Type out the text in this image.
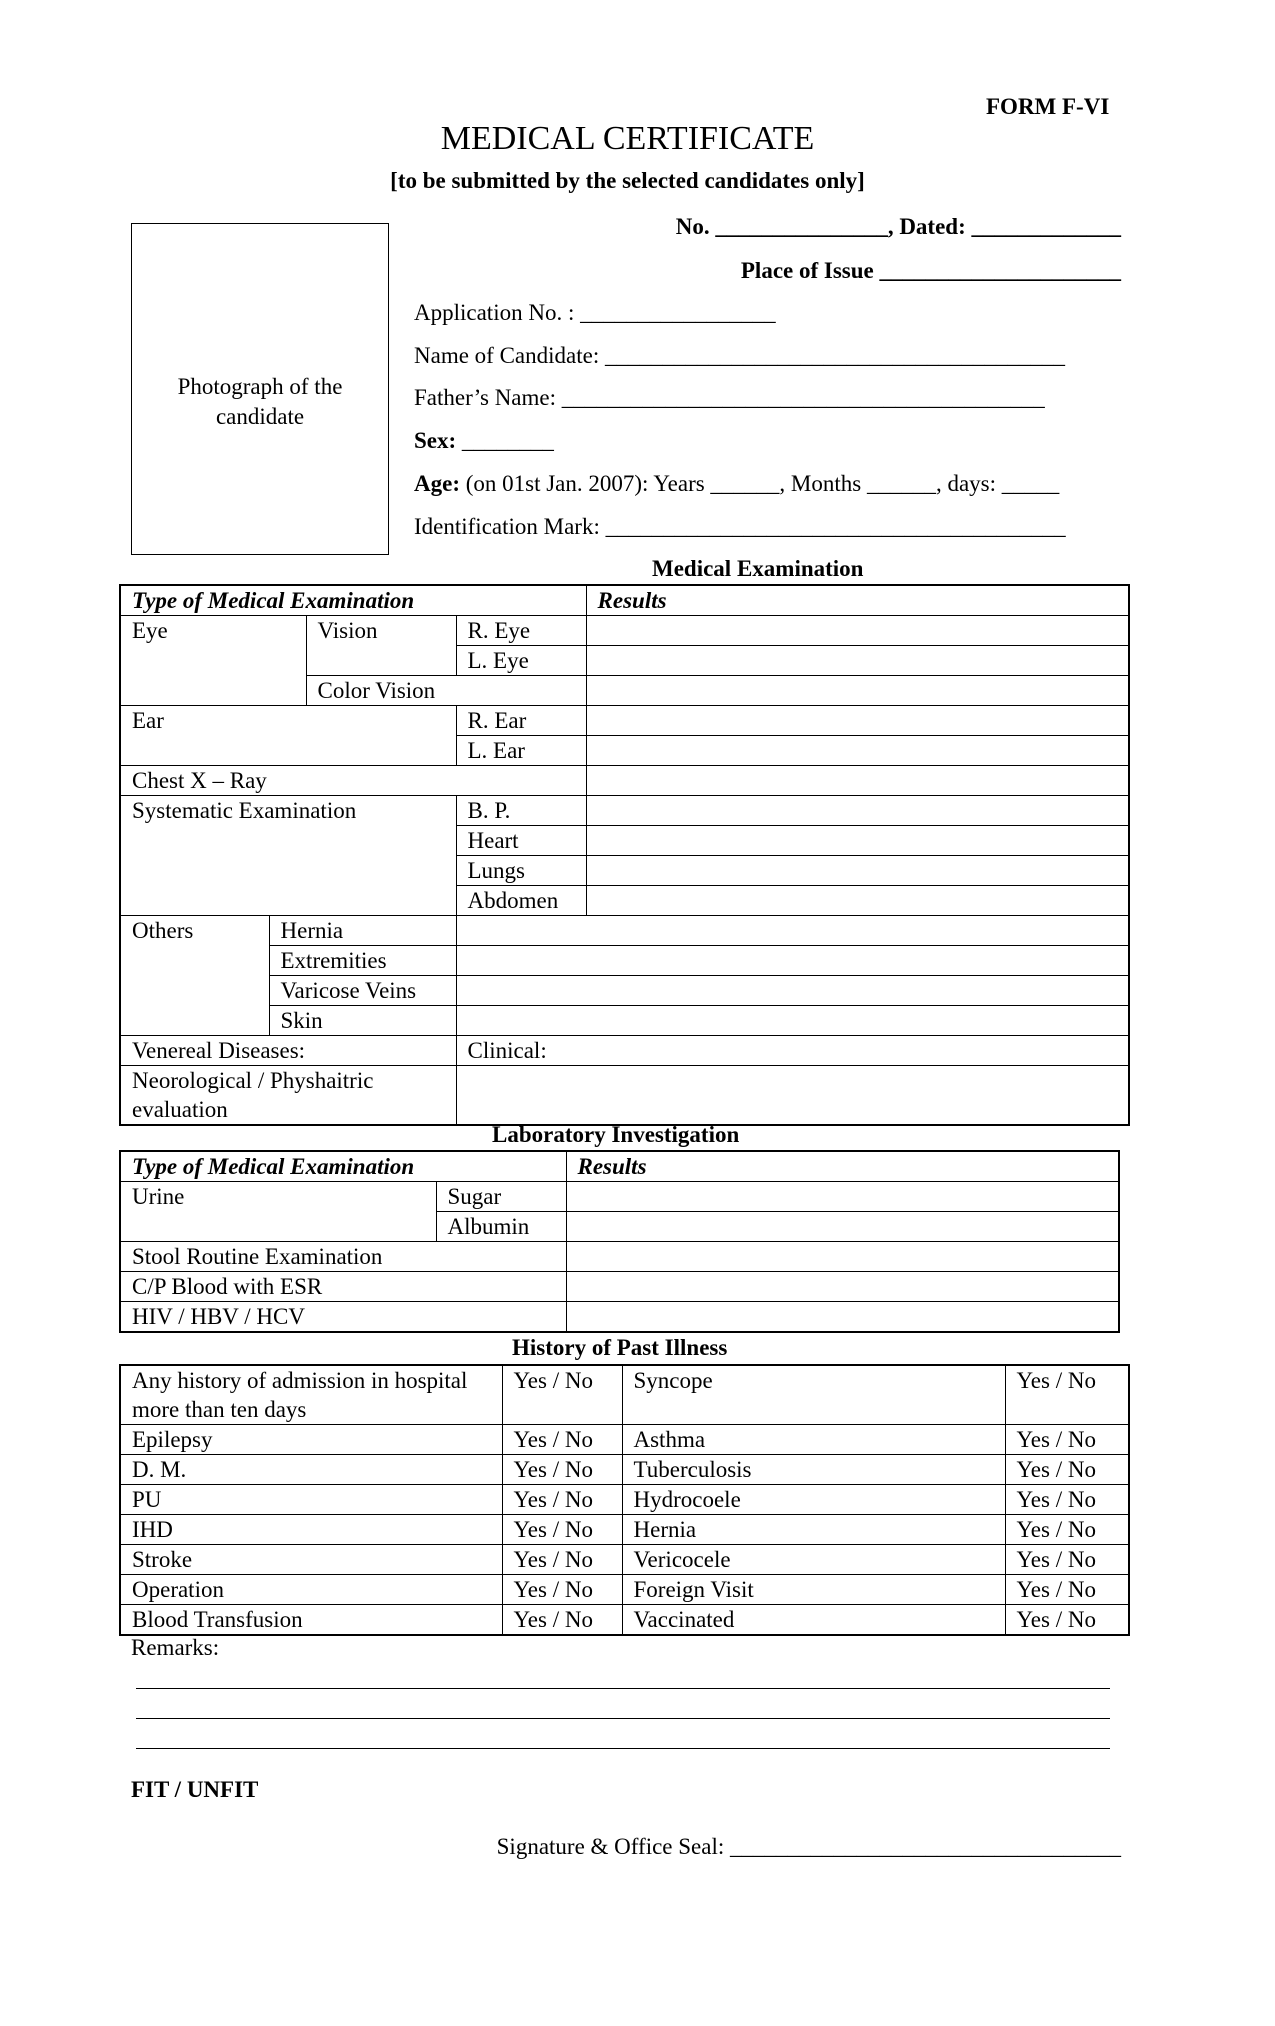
FORM F-VI
MEDICAL CERTIFICATE
[to be submitted by the selected candidates only]
No. _______________, Dated: _____________
Place of Issue _____________________
Photograph of the candidate
Application No. : _________________
Name of Candidate: ________________________________________
Father’s Name: __________________________________________
Sex: ________
Age: (on 01st Jan. 2007): Years ______, Months ______, days: _____
Identification Mark: ________________________________________
Medical Examination
Type of Medical Examination				Results
Eye		Vision	R. Eye	
			L. Eye	
		Color Vision		
Ear			R. Ear	
			L. Ear	
Chest X – Ray				
Systematic Examination			B. P.	
			Heart	
			Lungs	
			Abdomen	
Others	Hernia			
	Extremities			
	Varicose Veins			
	Skin			
Venereal Diseases:			Clinical:	
Neorological / Physhaitric evaluation				
Laboratory Investigation
Type of Medical Examination		Results
Urine	Sugar	
	Albumin	
Stool Routine Examination		
C/P Blood with ESR		
HIV / HBV / HCV		
History of Past Illness
Any history of admission in hospital more than ten days	Yes / No	Syncope	Yes / No
Epilepsy	Yes / No	Asthma	Yes / No
D. M.	Yes / No	Tuberculosis	Yes / No
PU	Yes / No	Hydrocoele	Yes / No
IHD	Yes / No	Hernia	Yes / No
Stroke	Yes / No	Vericocele	Yes / No
Operation	Yes / No	Foreign Visit	Yes / No
Blood Transfusion	Yes / No	Vaccinated	Yes / No
Remarks:
FIT / UNFIT
Signature & Office Seal: __________________________________
